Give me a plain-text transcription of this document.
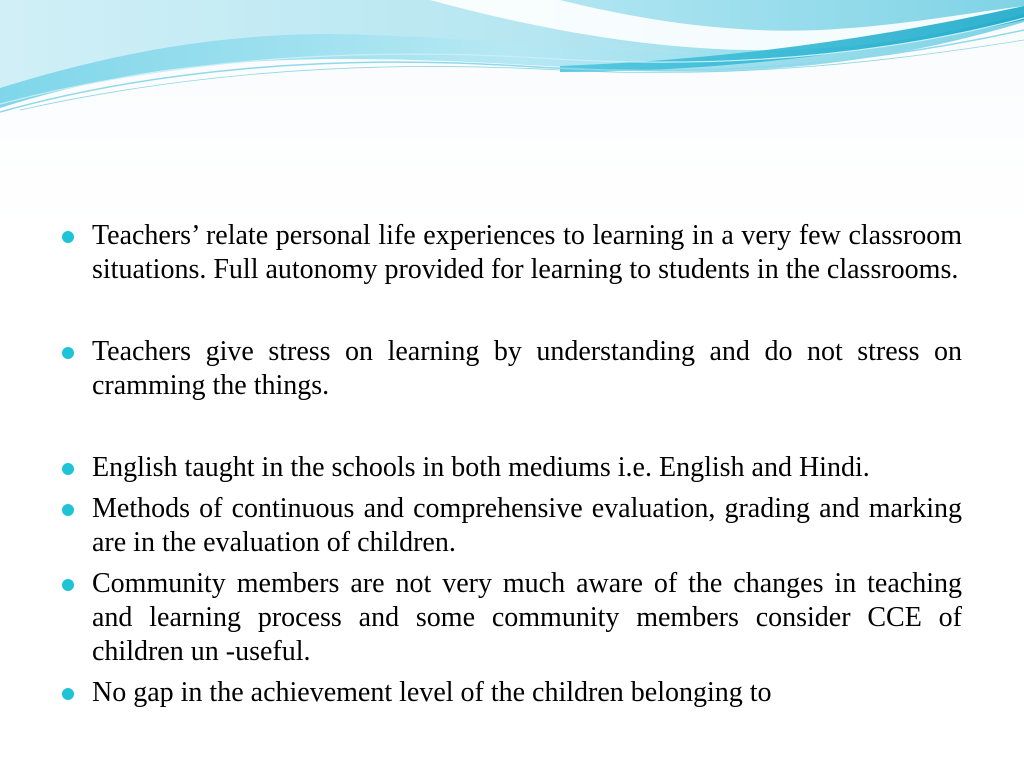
Teachers’ relate personal life experiences to learning in a very few classroom situations. Full autonomy provided for learning to students in the classrooms.
Teachers give stress on learning by understanding and do not stress on cramming the things.
English taught in the schools in both mediums i.e. English and Hindi.
Methods of continuous and comprehensive evaluation, grading and marking are in the evaluation of children.
Community members are not very much aware of the changes in teaching and learning process and some community members consider CCE of children un -useful.
No gap in the achievement level of the children belonging to
